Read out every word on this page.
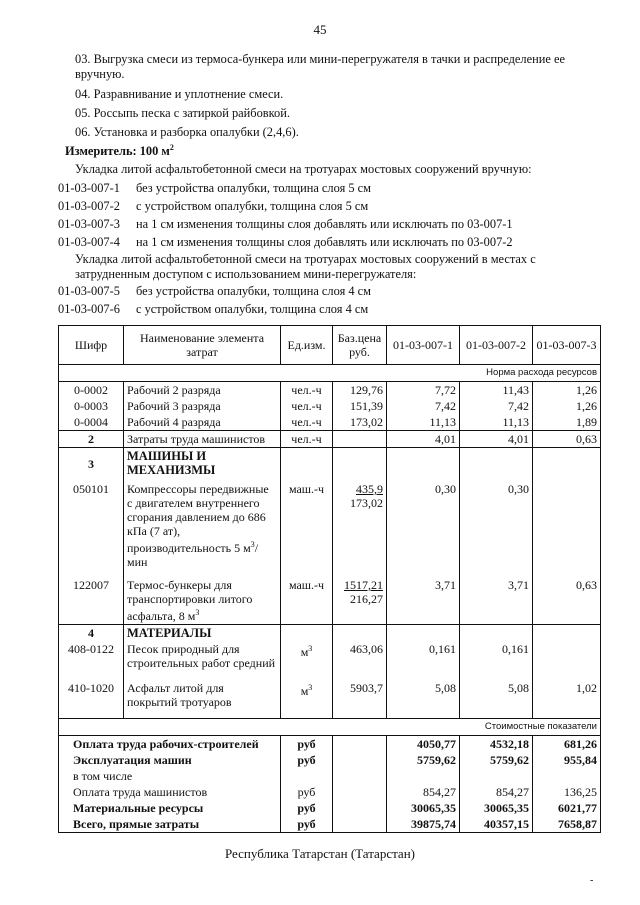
45
03. Выгрузка смеси из термоса-бункера или мини-перегружателя в тачки и распределение ее вручную.
04. Разравнивание и уплотнение смеси.
05. Россыпь песка с затиркой райбовкой.
06. Установка и разборка опалубки (2,4,6).
Измеритель: 100 $м^2$
Укладка литой асфальтобетонной смеси на тротуарах мостовых сооружений вручную:
01-03-007-1 без устройства опалубки, толщина слоя 5 см
01-03-007-2 с устройством опалубки, толщина слоя 5 см
01-03-007-3 на 1 см изменения толщины слоя добавлять или исключать по 03-007-1
01-03-007-4 на 1 см изменения толщины слоя добавлять или исключать по 03-007-2
Укладка литой асфальтобетонной смеси на тротуарах мостовых сооружений в местах с затрудненным доступом с использованием мини-перегружателя:
01-03-007-5 без устройства опалубки, толщина слоя 4 см
01-03-007-6 с устройством опалубки, толщина слоя 4 см
Шифр	Наименование элемента затрат	Ед.изм.	Баз.цена руб.	01-03-007-1	01-03-007-2	01-03-007-3
Норма расхода ресурсов						
0-0002	Рабочий 2 разряда	чел.-ч	129,76	7,72	11,43	1,26
0-0003	Рабочий 3 разряда	чел.-ч	151,39	7,42	7,42	1,26
0-0004	Рабочий 4 разряда	чел.-ч	173,02	11,13	11,13	1,89
2	Затраты труда машинистов	чел.-ч		4,01	4,01	0,63
3	МАШИНЫ И МЕХАНИЗМЫ					
050101	Компрессоры передвижные с двигателем внутреннего сгорания давлением до 686 кПа (7 ат), производительность 5 $м^3$/мин	маш.-ч	435,9
173,02	0,30	0,30	
122007	Термос-бункеры для транспортировки литого асфальта, 8 $м^3$	маш.-ч	1517,21
216,27	3,71	3,71	0,63
4	МАТЕРИАЛЫ					
408-0122	Песок природный для строительных работ средний	$м^3$	463,06	0,161	0,161	
410-1020	Асфальт литой для покрытий тротуаров	$м^3$	5903,7	5,08	5,08	1,02

Стоимостные показатели						
Оплата труда рабочих-строителей		руб		4050,77	4532,18	681,26
Эксплуатация машин		руб		5759,62	5759,62	955,84
в том числе						
Оплата труда машинистов		руб		854,27	854,27	136,25
Материальные ресурсы		руб		30065,35	30065,35	6021,77
Всего, прямые затраты		руб		39875,74	40357,15	7658,87
Республика Татарстан (Татарстан)
-
